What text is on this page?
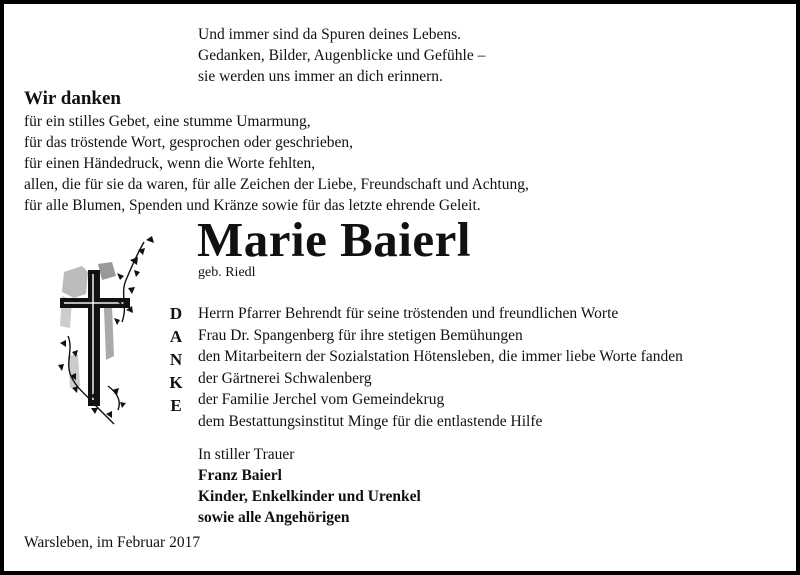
Und immer sind da Spuren deines Lebens.
Gedanken, Bilder, Augenblicke und Gefühle –
sie werden uns immer an dich erinnern.
Wir danken
für ein stilles Gebet, eine stumme Umarmung,
für das tröstende Wort, gesprochen oder geschrieben,
für einen Händedruck, wenn die Worte fehlten,
allen, die für sie da waren, für alle Zeichen der Liebe, Freundschaft und Achtung,
für alle Blumen, Spenden und Kränze sowie für das letzte ehrende Geleit.
Marie Baierl
geb. Riedl
D
A
N
K
E
Herrn Pfarrer Behrendt für seine tröstenden und freundlichen Worte
Frau Dr. Spangenberg für ihre stetigen Bemühungen
den Mitarbeitern der Sozialstation Hötensleben, die immer liebe Worte fanden
der Gärtnerei Schwalenberg
der Familie Jerchel vom Gemeindekrug
dem Bestattungsinstitut Minge für die entlastende Hilfe
In stiller Trauer
Franz Baierl
Kinder, Enkelkinder und Urenkel
sowie alle Angehörigen
Warsleben, im Februar 2017
